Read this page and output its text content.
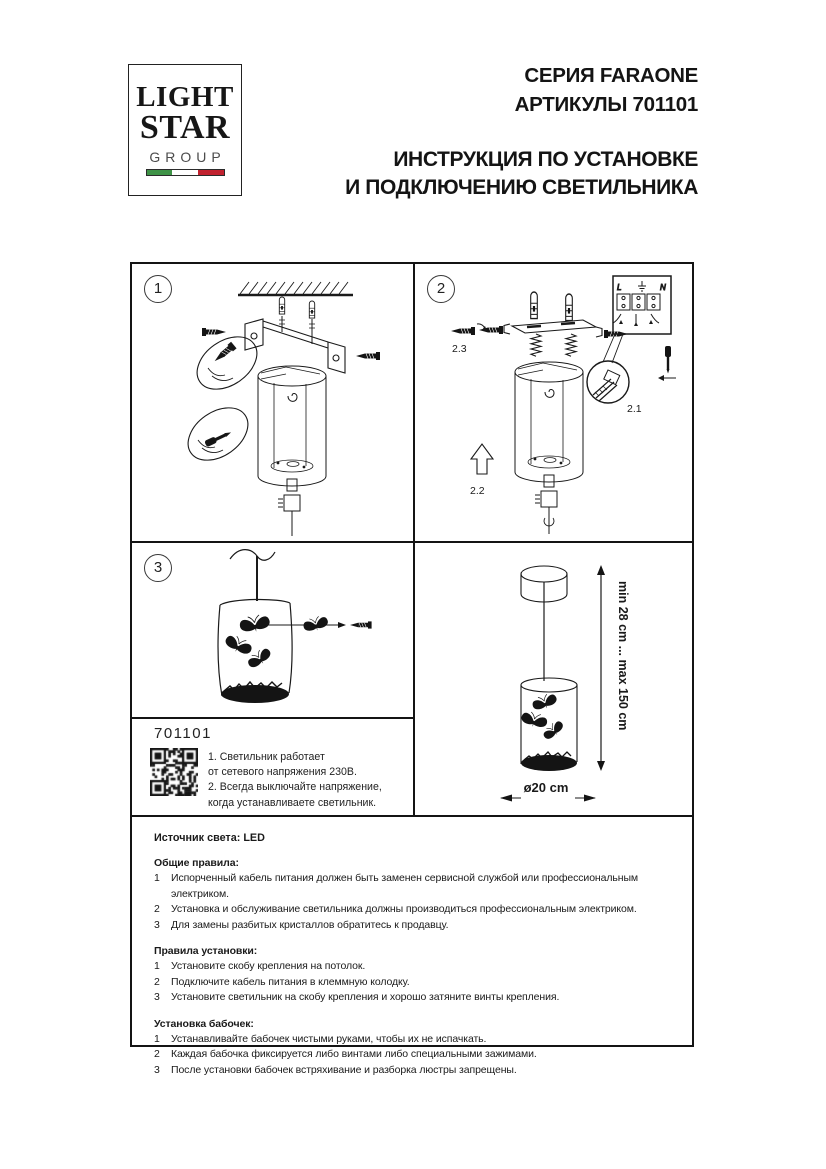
LIGHT
STAR
GROUP
СЕРИЯ FARAONE
АРТИКУЛЫ 701101
ИНСТРУКЦИЯ ПО УСТАНОВКЕ
И ПОДКЛЮЧЕНИЮ СВЕТИЛЬНИКА
1	2
2.3
L	N
2.1
2.2
3
701101
1. Светильник работает
от сетевого напряжения 230В.
2. Всегда выключайте напряжение,
когда устанавливаете светильник.
min 28 cm ... max 150 cm
ø20 cm
Источник света: LED
Общие правила:
1	Испорченный кабель питания должен быть заменен сервисной службой или профессиональным электриком.
2	Установка и обслуживание светильника должны производиться профессиональным электриком.
3	Для замены разбитых кристаллов обратитесь к продавцу.
Правила установки:
1	Установите скобу крепления на потолок.
2	Подключите кабель питания в клеммную колодку.
3	Установите светильник на скобу крепления и хорошо затяните винты крепления.
Установка бабочек:
1	Устанавливайте бабочек чистыми руками, чтобы их не испачкать.
2	Каждая бабочка фиксируется либо винтами либо специальными зажимами.
3	После установки бабочек встряхивание и разборка люстры запрещены.
